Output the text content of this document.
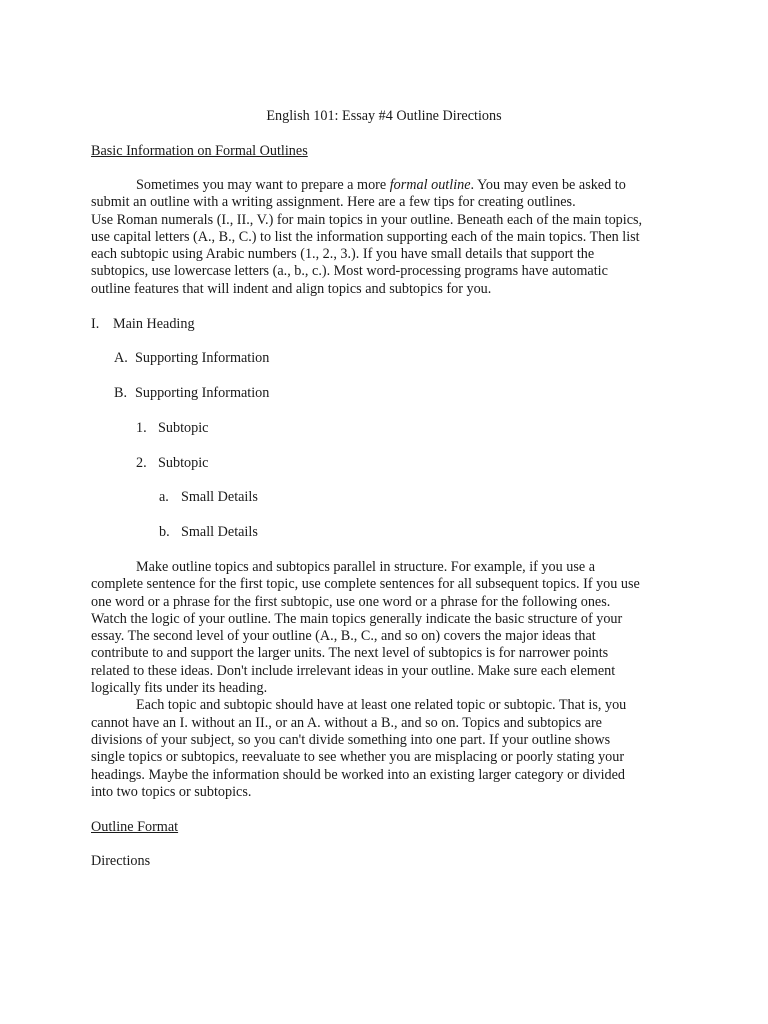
English 101: Essay #4 Outline Directions
Basic Information on Formal Outlines
Sometimes you may want to prepare a more formal outline. You may even be asked to
submit an outline with a writing assignment. Here are a few tips for creating outlines.
Use Roman numerals (I., II., V.) for main topics in your outline. Beneath each of the main topics,
use capital letters (A., B., C.) to list the information supporting each of the main topics. Then list
each subtopic using Arabic numbers (1., 2., 3.). If you have small details that support the
subtopics, use lowercase letters (a., b., c.). Most word-processing programs have automatic
outline features that will indent and align topics and subtopics for you.
I. Main Heading
A. Supporting Information
B. Supporting Information
1. Subtopic
2. Subtopic
a. Small Details
b. Small Details
Make outline topics and subtopics parallel in structure. For example, if you use a
complete sentence for the first topic, use complete sentences for all subsequent topics. If you use
one word or a phrase for the first subtopic, use one word or a phrase for the following ones.
Watch the logic of your outline. The main topics generally indicate the basic structure of your
essay. The second level of your outline (A., B., C., and so on) covers the major ideas that
contribute to and support the larger units. The next level of subtopics is for narrower points
related to these ideas. Don't include irrelevant ideas in your outline. Make sure each element
logically fits under its heading.
Each topic and subtopic should have at least one related topic or subtopic. That is, you
cannot have an I. without an II., or an A. without a B., and so on. Topics and subtopics are
divisions of your subject, so you can't divide something into one part. If your outline shows
single topics or subtopics, reevaluate to see whether you are misplacing or poorly stating your
headings. Maybe the information should be worked into an existing larger category or divided
into two topics or subtopics.
Outline Format
Directions
